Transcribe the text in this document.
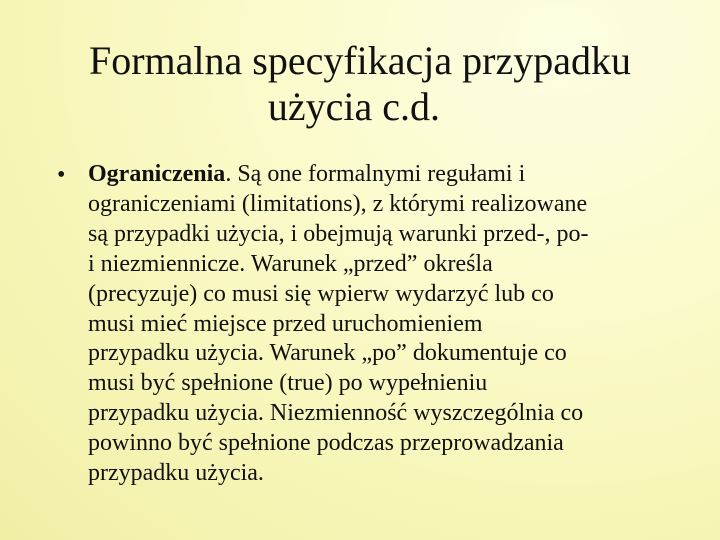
Formalna specyfikacja przypadku
użycia c.d.
• Ograniczenia. Są one formalnymi regułami i
ograniczeniami (limitations), z którymi realizowane
są przypadki użycia, i obejmują warunki przed-, po-
i niezmiennicze. Warunek „przed” określa
(precyzuje) co musi się wpierw wydarzyć lub co
musi mieć miejsce przed uruchomieniem
przypadku użycia. Warunek „po” dokumentuje co
musi być spełnione (true) po wypełnieniu
przypadku użycia. Niezmienność wyszczególnia co
powinno być spełnione podczas przeprowadzania
przypadku użycia.
